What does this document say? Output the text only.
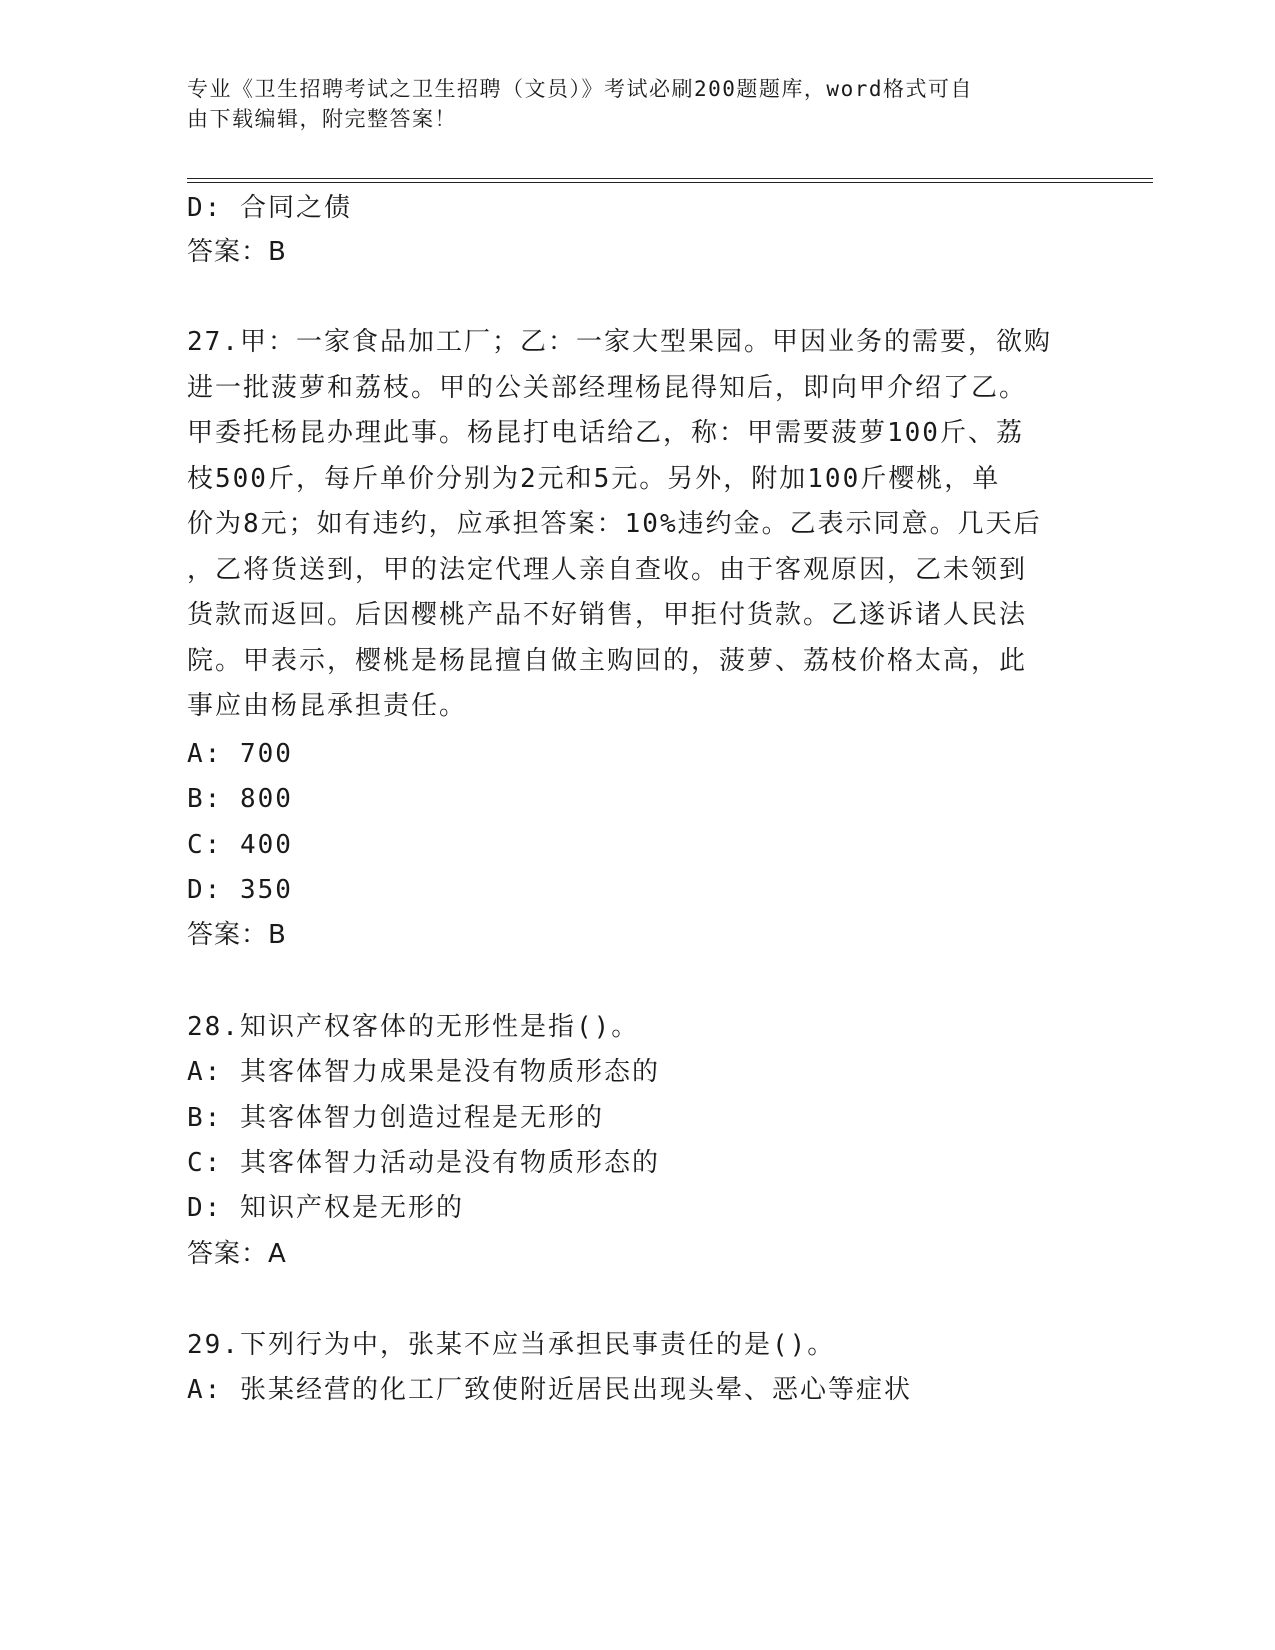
专业《卫生招聘考试之卫生招聘（文员）》考试必刷200题题库，word格式可自
由下载编辑，附完整答案！

D: 合同之债

答案：B

27.甲：一家食品加工厂；乙：一家大型果园。甲因业务的需要，欲购
进一批菠萝和荔枝。甲的公关部经理杨昆得知后，即向甲介绍了乙。
甲委托杨昆办理此事。杨昆打电话给乙，称：甲需要菠萝100斤、荔
枝500斤，每斤单价分别为2元和5元。另外，附加100斤樱桃，单
价为8元；如有违约，应承担答案：10%违约金。乙表示同意。几天后
，乙将货送到，甲的法定代理人亲自查收。由于客观原因，乙未领到
货款而返回。后因樱桃产品不好销售，甲拒付货款。乙遂诉诸人民法
院。甲表示，樱桃是杨昆擅自做主购回的，菠萝、荔枝价格太高，此
事应由杨昆承担责任。

A: 700

B: 800

C: 400

D: 350

答案：B

28.知识产权客体的无形性是指()。

A: 其客体智力成果是没有物质形态的

B: 其客体智力创造过程是无形的

C: 其客体智力活动是没有物质形态的

D: 知识产权是无形的

答案：A

29.下列行为中，张某不应当承担民事责任的是()。

A: 张某经营的化工厂致使附近居民出现头晕、恶心等症状
